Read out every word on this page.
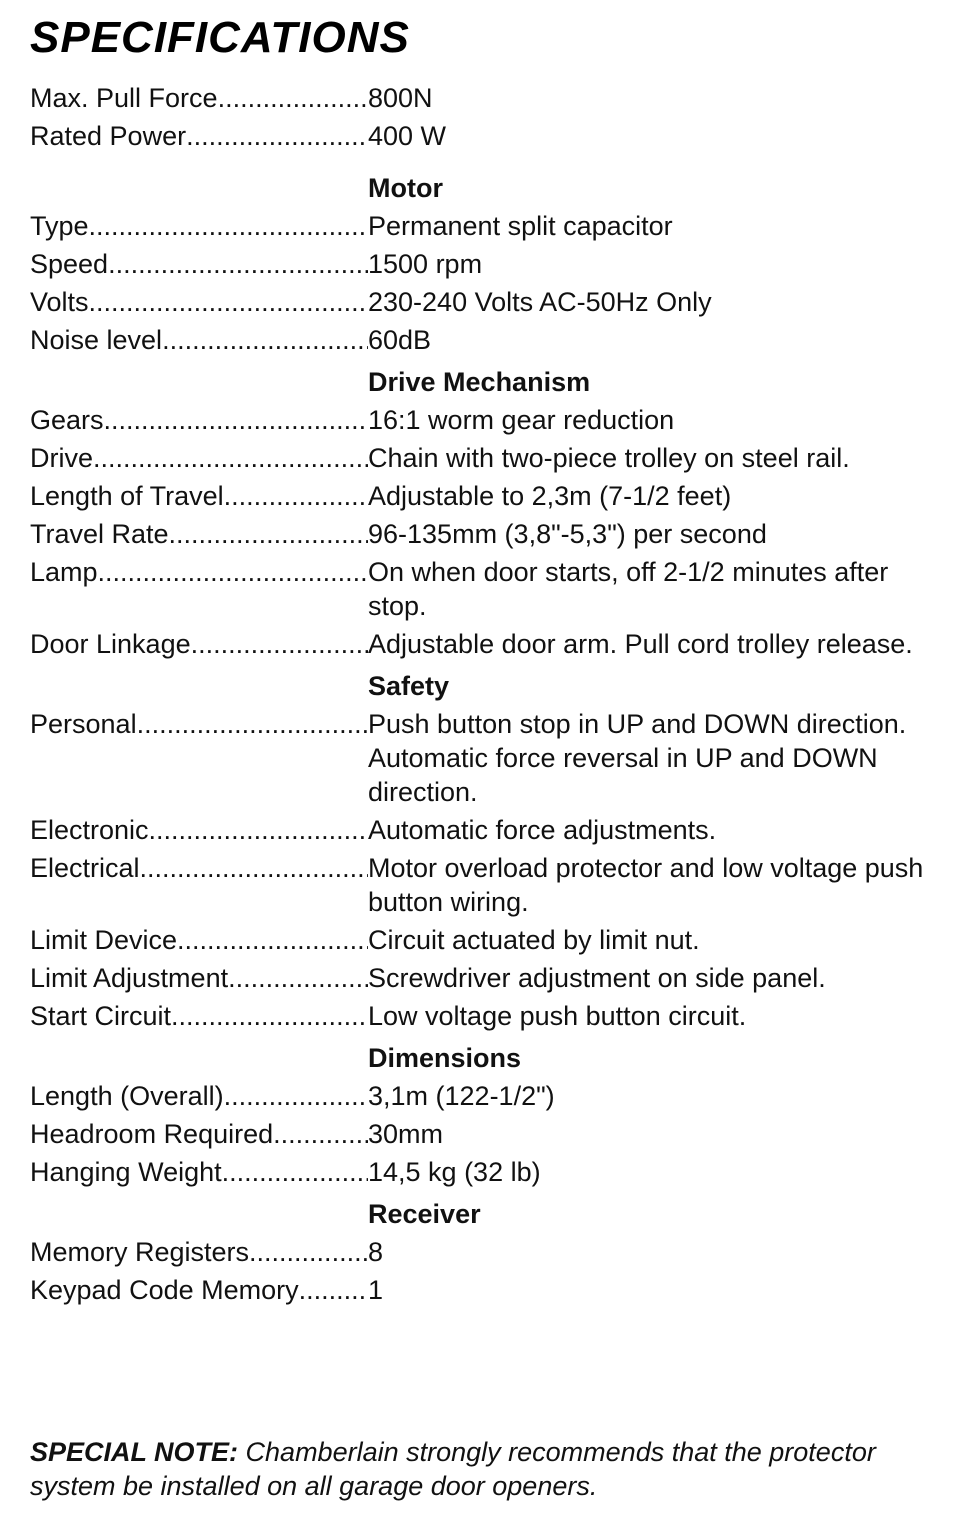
SPECIFICATIONS
Max. Pull Force .....	800N
Rated Power .....	400 W
Motor
Type .....	Permanent split capacitor
Speed .....	1500 rpm
Volts .....	230-240 Volts AC-50Hz Only
Noise level .....	60dB
Drive Mechanism
Gears .....	16:1 worm gear reduction
Drive .....	Chain with two-piece trolley on steel rail.
Length of Travel .....	Adjustable to 2,3m (7-1/2 feet)
Travel Rate .....	96-135mm (3,8"-5,3") per second
Lamp .....	On when door starts, off 2-1/2 minutes after stop.
Door Linkage .....	Adjustable door arm. Pull cord trolley release.
Safety
Personal .....	Push button stop in UP and DOWN direction. Automatic force reversal in UP and DOWN direction.
Electronic .....	Automatic force adjustments.
Electrical .....	Motor overload protector and low voltage push button wiring.
Limit Device .....	Circuit actuated by limit nut.
Limit Adjustment .....	Screwdriver adjustment on side panel.
Start Circuit .....	Low voltage push button circuit.
Dimensions
Length (Overall) .....	3,1m (122-1/2")
Headroom Required .....	30mm
Hanging Weight .....	14,5 kg (32 lb)
Receiver
Memory Registers .....	8
Keypad Code Memory .....	1
SPECIAL NOTE: Chamberlain strongly recommends that the protector system be installed on all garage door openers.
